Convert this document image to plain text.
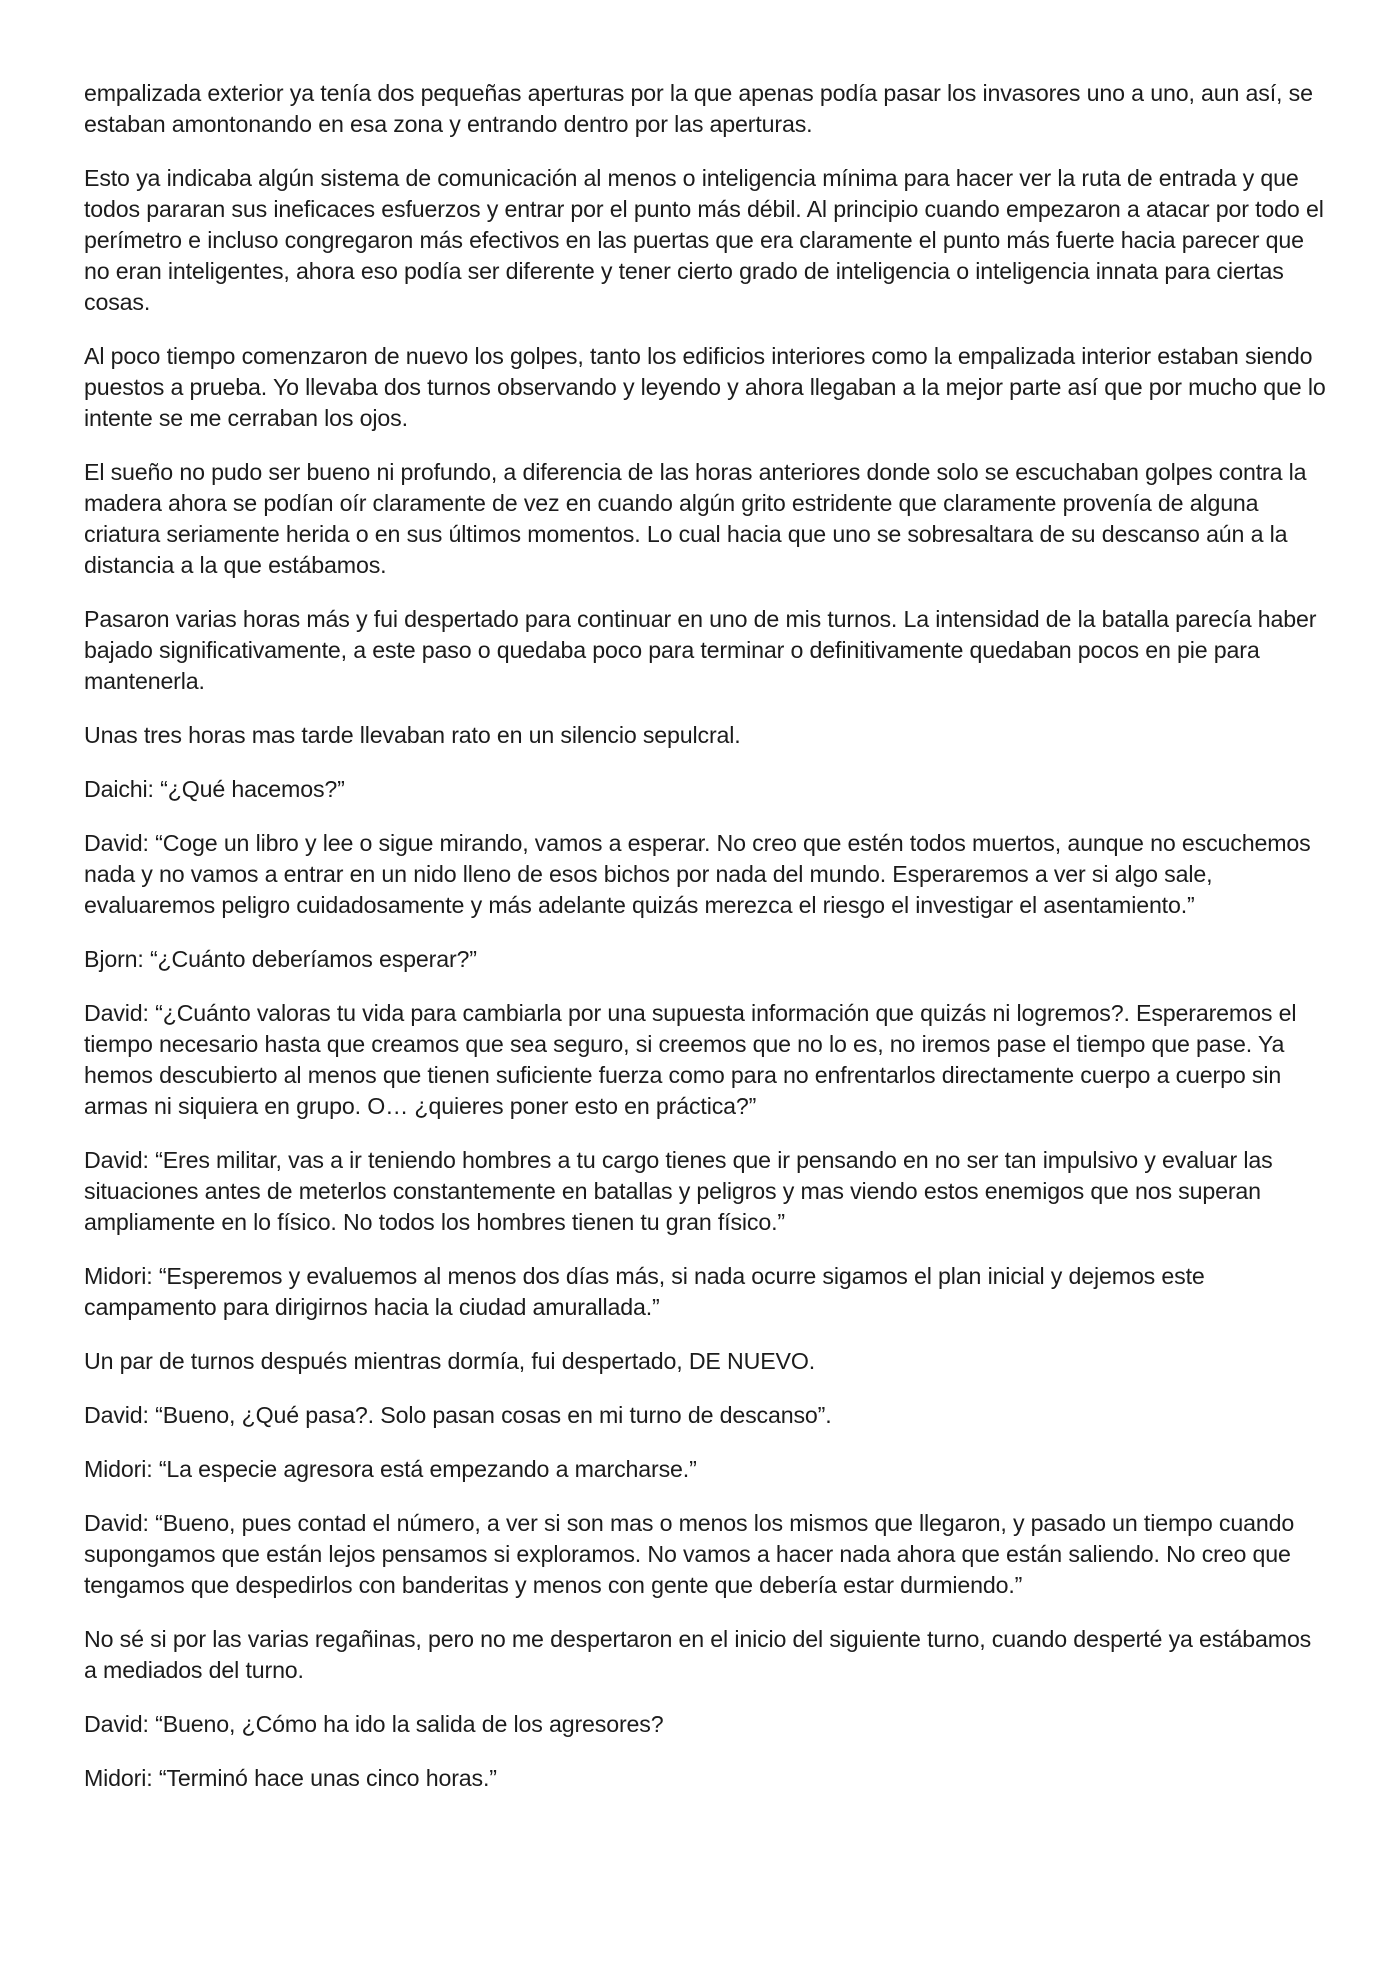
empalizada exterior ya tenía dos pequeñas aperturas por la que apenas podía pasar los invasores uno a uno, aun así, se estaban amontonando en esa zona y entrando dentro por las aperturas.

Esto ya indicaba algún sistema de comunicación al menos o inteligencia mínima para hacer ver la ruta de entrada y que todos pararan sus ineficaces esfuerzos y entrar por el punto más débil. Al principio cuando empezaron a atacar por todo el perímetro e incluso congregaron más efectivos en las puertas que era claramente el punto más fuerte hacia parecer que no eran inteligentes, ahora eso podía ser diferente y tener cierto grado de inteligencia o inteligencia innata para ciertas cosas.

Al poco tiempo comenzaron de nuevo los golpes, tanto los edificios interiores como la empalizada interior estaban siendo puestos a prueba. Yo llevaba dos turnos observando y leyendo y ahora llegaban a la mejor parte así que por mucho que lo intente se me cerraban los ojos.

El sueño no pudo ser bueno ni profundo, a diferencia de las horas anteriores donde solo se escuchaban golpes contra la madera ahora se podían oír claramente de vez en cuando algún grito estridente que claramente provenía de alguna criatura seriamente herida o en sus últimos momentos. Lo cual hacia que uno se sobresaltara de su descanso aún a la distancia a la que estábamos.

Pasaron varias horas más y fui despertado para continuar en uno de mis turnos. La intensidad de la batalla parecía haber bajado significativamente, a este paso o quedaba poco para terminar o definitivamente quedaban pocos en pie para mantenerla.

Unas tres horas mas tarde llevaban rato en un silencio sepulcral.

Daichi: “¿Qué hacemos?”

David: “Coge un libro y lee o sigue mirando, vamos a esperar. No creo que estén todos muertos, aunque no escuchemos nada y no vamos a entrar en un nido lleno de esos bichos por nada del mundo. Esperaremos a ver si algo sale, evaluaremos peligro cuidadosamente y más adelante quizás merezca el riesgo el investigar el asentamiento.”

Bjorn: “¿Cuánto deberíamos esperar?”

David: “¿Cuánto valoras tu vida para cambiarla por una supuesta información que quizás ni logremos?. Esperaremos el tiempo necesario hasta que creamos que sea seguro, si creemos que no lo es, no iremos pase el tiempo que pase. Ya hemos descubierto al menos que tienen suficiente fuerza como para no enfrentarlos directamente cuerpo a cuerpo sin armas ni siquiera en grupo. O… ¿quieres poner esto en práctica?”

David: “Eres militar, vas a ir teniendo hombres a tu cargo tienes que ir pensando en no ser tan impulsivo y evaluar las situaciones antes de meterlos constantemente en batallas y peligros y mas viendo estos enemigos que nos superan ampliamente en lo físico. No todos los hombres tienen tu gran físico.”

Midori: “Esperemos y evaluemos al menos dos días más, si nada ocurre sigamos el plan inicial y dejemos este campamento para dirigirnos hacia la ciudad amurallada.”

Un par de turnos después mientras dormía, fui despertado, DE NUEVO.

David: “Bueno, ¿Qué pasa?. Solo pasan cosas en mi turno de descanso”.

Midori: “La especie agresora está empezando a marcharse.”

David: “Bueno, pues contad el número, a ver si son mas o menos los mismos que llegaron, y pasado un tiempo cuando supongamos que están lejos pensamos si exploramos. No vamos a hacer nada ahora que están saliendo. No creo que tengamos que despedirlos con banderitas y menos con gente que debería estar durmiendo.”

No sé si por las varias regañinas, pero no me despertaron en el inicio del siguiente turno, cuando desperté ya estábamos a mediados del turno.

David: “Bueno, ¿Cómo ha ido la salida de los agresores?

Midori: “Terminó hace unas cinco horas.”
